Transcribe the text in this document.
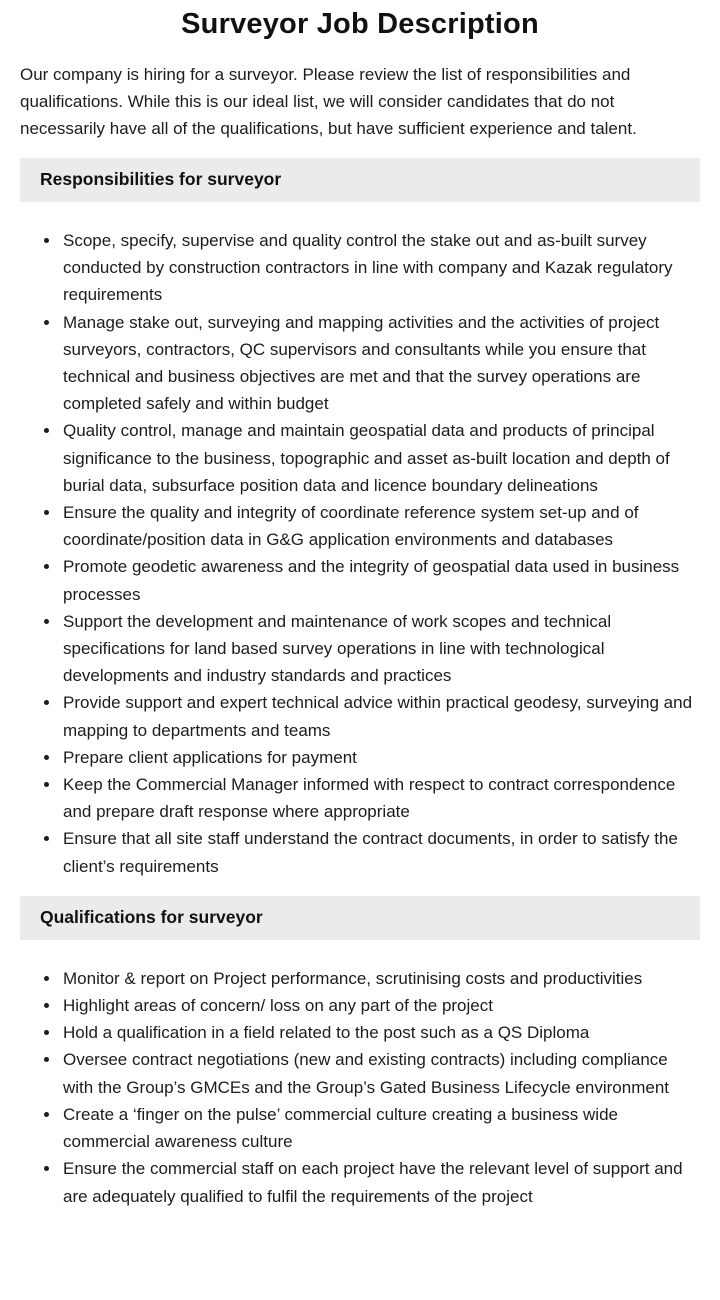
Surveyor Job Description

Our company is hiring for a surveyor. Please review the list of responsibilities and qualifications. While this is our ideal list, we will consider candidates that do not necessarily have all of the qualifications, but have sufficient experience and talent.

Responsibilities for surveyor
• Scope, specify, supervise and quality control the stake out and as-built survey conducted by construction contractors in line with company and Kazak regulatory requirements
• Manage stake out, surveying and mapping activities and the activities of project surveyors, contractors, QC supervisors and consultants while you ensure that technical and business objectives are met and that the survey operations are completed safely and within budget
• Quality control, manage and maintain geospatial data and products of principal significance to the business, topographic and asset as-built location and depth of burial data, subsurface position data and licence boundary delineations
• Ensure the quality and integrity of coordinate reference system set-up and of coordinate/position data in G&G application environments and databases
• Promote geodetic awareness and the integrity of geospatial data used in business processes
• Support the development and maintenance of work scopes and technical specifications for land based survey operations in line with technological developments and industry standards and practices
• Provide support and expert technical advice within practical geodesy, surveying and mapping to departments and teams
• Prepare client applications for payment
• Keep the Commercial Manager informed with respect to contract correspondence and prepare draft response where appropriate
• Ensure that all site staff understand the contract documents, in order to satisfy the client’s requirements
Qualifications for surveyor
• Monitor & report on Project performance, scrutinising costs and productivities
• Highlight areas of concern/ loss on any part of the project
• Hold a qualification in a field related to the post such as a QS Diploma
• Oversee contract negotiations (new and existing contracts) including compliance with the Group’s GMCEs and the Group’s Gated Business Lifecycle environment
• Create a ‘finger on the pulse’ commercial culture creating a business wide commercial awareness culture
• Ensure the commercial staff on each project have the relevant level of support and are adequately qualified to fulfil the requirements of the project
